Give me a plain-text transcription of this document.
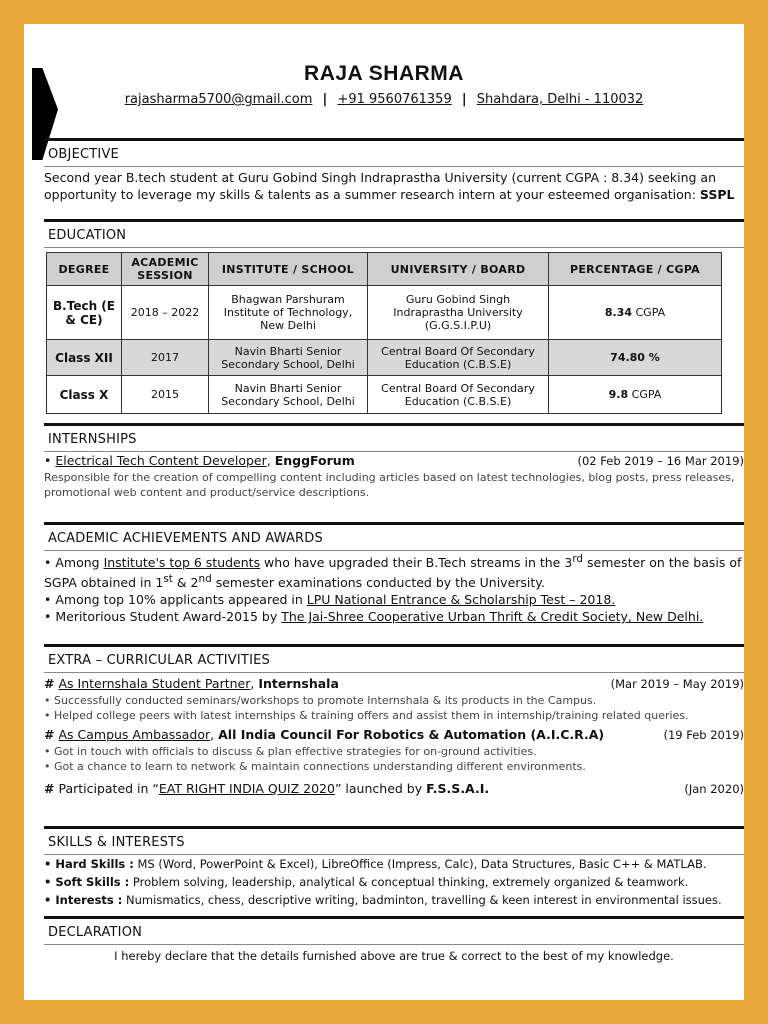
RAJA SHARMA
rajasharma5700@gmail.com | +91 9560761359 | Shahdara, Delhi - 110032
OBJECTIVE
Second year B.tech student at Guru Gobind Singh Indraprastha University (current CGPA : 8.34) seeking an opportunity to leverage my skills & talents as a summer research intern at your esteemed organisation: SSPL
EDUCATION
DEGREE	ACADEMIC SESSION	INSTITUTE / SCHOOL	UNIVERSITY / BOARD	PERCENTAGE / CGPA
B.Tech (E & CE)	2018 – 2022	Bhagwan Parshuram Institute of Technology, New Delhi	Guru Gobind Singh Indraprastha University (G.G.S.I.P.U)	8.34 CGPA
Class XII	2017	Navin Bharti Senior Secondary School, Delhi	Central Board Of Secondary Education (C.B.S.E)	74.80 %
Class X	2015	Navin Bharti Senior Secondary School, Delhi	Central Board Of Secondary Education (C.B.S.E)	9.8 CGPA
INTERNSHIPS
• Electrical Tech Content Developer, EnggForum	(02 Feb 2019 – 16 Mar 2019)
Responsible for the creation of compelling content including articles based on latest technologies, blog posts, press releases, promotional web content and product/service descriptions.
ACADEMIC ACHIEVEMENTS AND AWARDS
• Among Institute's top 6 students who have upgraded their B.Tech streams in the 3rd semester on the basis of SGPA obtained in 1st & 2nd semester examinations conducted by the University.
• Among top 10% applicants appeared in LPU National Entrance & Scholarship Test – 2018.
• Meritorious Student Award-2015 by The Jai-Shree Cooperative Urban Thrift & Credit Society, New Delhi.
EXTRA – CURRICULAR ACTIVITIES
# As Internshala Student Partner, Internshala	(Mar 2019 – May 2019)
• Successfully conducted seminars/workshops to promote Internshala & its products in the Campus.
• Helped college peers with latest internships & training offers and assist them in internship/training related queries.
# As Campus Ambassador, All India Council For Robotics & Automation (A.I.C.R.A)	(19 Feb 2019)
• Got in touch with officials to discuss & plan effective strategies for on-ground activities.
• Got a chance to learn to network & maintain connections understanding different environments.
# Participated in “EAT RIGHT INDIA QUIZ 2020” launched by F.S.S.A.I.	(Jan 2020)
SKILLS & INTERESTS
• Hard Skills : MS (Word, PowerPoint & Excel), LibreOffice (Impress, Calc), Data Structures, Basic C++ & MATLAB.
• Soft Skills : Problem solving, leadership, analytical & conceptual thinking, extremely organized & teamwork.
• Interests : Numismatics, chess, descriptive writing, badminton, travelling & keen interest in environmental issues.
DECLARATION
I hereby declare that the details furnished above are true & correct to the best of my knowledge.
